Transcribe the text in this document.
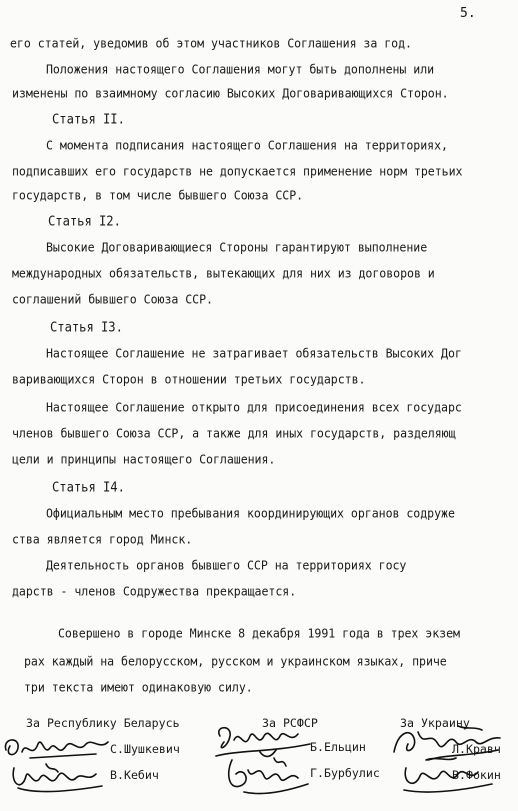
5.

его статей, уведомив об этом участников Соглашения за год.

Положения настоящего Соглашения могут быть дополнены или

изменены по взаимному согласию Высоких Договаривающихся Сторон.

Статья II.

С момента подписания настоящего Соглашения на территориях,

подписавших его государств не допускается применение норм третьих

государств, в том числе бывшего Союза ССР.

Статья I2.

Высокие Договаривающиеся Стороны гарантируют выполнение

международных обязательств, вытекающих для них из договоров и

соглашений бывшего Союза ССР.

Статья I3.

Настоящее Соглашение не затрагивает обязательств Высоких Дог

варивающихся Сторон в отношении третьих государств.

Настоящее Соглашение открыто для присоединения всех государс

членов бывшего Союза ССР, а также для иных государств, разделяющ

цели и принципы настоящего Соглашения.

Статья I4.

Официальным место пребывания координирующих органов содруже

ства является город Минск.

Деятельность органов бывшего ССР на территориях госу

дарств - членов Содружества прекращается.

Совершено в городе Минске 8 декабря 1991 года в трех экзем

рах каждый на белорусском, русском и украинском языках, приче

три текста имеют одинаковую силу.

За Республику Беларусь	За РСФСР	За Украину

С.Шушкевич

В.Кебич

Б.Ельцин

Г.Бурбулис

Л.Кравч

В.Фокин
